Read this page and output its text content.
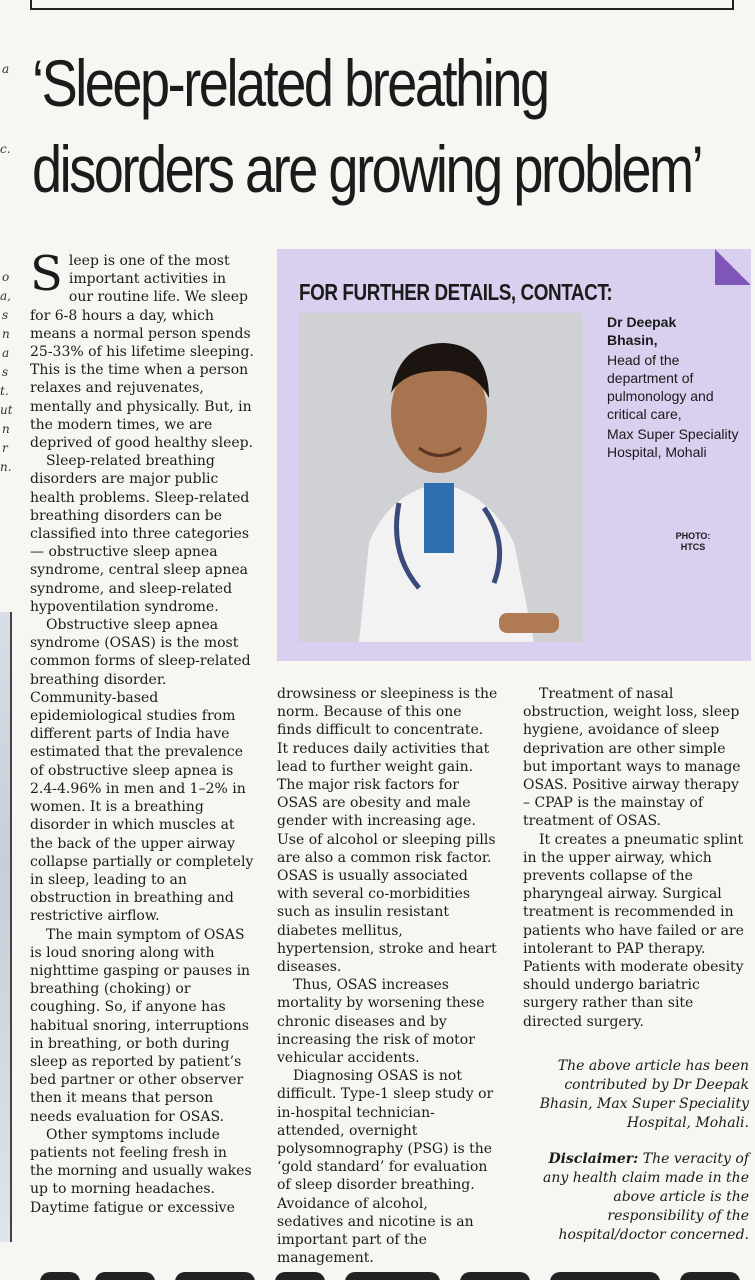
‘Sleep-related breathing
disorders are growing problem’
a
c.
o
a,
s
n
a
s
t.
ut
n
r
n.

Sleep is one of the most important activities in our routine life. We sleep for 6-8 hours a day, which means a normal person spends 25-33% of his lifetime sleeping. This is the time when a person relaxes and rejuvenates, mentally and physically. But, in the modern times, we are deprived of good healthy sleep.

Sleep-related breathing disorders are major public health problems. Sleep-related breathing disorders can be classified into three categories — obstructive sleep apnea syndrome, central sleep apnea syndrome, and sleep-related hypoventilation syndrome.

Obstructive sleep apnea syndrome (OSAS) is the most common forms of sleep-related breathing disorder. Community-based epidemiological studies from different parts of India have estimated that the prevalence of obstructive sleep apnea is 2.4-4.96% in men and 1–2% in women. It is a breathing disorder in which muscles at the back of the upper airway collapse partially or completely in sleep, leading to an obstruction in breathing and restrictive airflow.

The main symptom of OSAS is loud snoring along with nighttime gasping or pauses in breathing (choking) or coughing. So, if anyone has habitual snoring, interruptions in breathing, or both during sleep as reported by patient’s bed partner or other observer then it means that person needs evaluation for OSAS.

Other symptoms include patients not feeling fresh in the morning and usually wakes up to morning headaches. Daytime fatigue or excessive

FOR FURTHER DETAILS, CONTACT:
Dr Deepak
Bhasin,
Head of the department of pulmonology and critical care,
Max Super Speciality Hospital, Mohali
PHOTO:
HTCS

drowsiness or sleepiness is the norm. Because of this one finds difficult to concentrate. It reduces daily activities that lead to further weight gain. The major risk factors for OSAS are obesity and male gender with increasing age. Use of alcohol or sleeping pills are also a common risk factor. OSAS is usually associated with several co-morbidities such as insulin resistant diabetes mellitus, hypertension, stroke and heart diseases.

Thus, OSAS increases mortality by worsening these chronic diseases and by increasing the risk of motor vehicular accidents.

Diagnosing OSAS is not difficult. Type-1 sleep study or in-hospital technician-attended, overnight polysomnography (PSG) is the ‘gold standard’ for evaluation of sleep disorder breathing. Avoidance of alcohol, sedatives and nicotine is an important part of the management.

Treatment of nasal obstruction, weight loss, sleep hygiene, avoidance of sleep deprivation are other simple but important ways to manage OSAS. Positive airway therapy – CPAP is the mainstay of treatment of OSAS.

It creates a pneumatic splint in the upper airway, which prevents collapse of the pharyngeal airway. Surgical treatment is recommended in patients who have failed or are intolerant to PAP therapy. Patients with moderate obesity should undergo bariatric surgery rather than site directed surgery.

The above article has been contributed by Dr Deepak Bhasin, Max Super Speciality Hospital, Mohali.
Disclaimer: The veracity of any health claim made in the above article is the responsibility of the hospital/doctor concerned.
